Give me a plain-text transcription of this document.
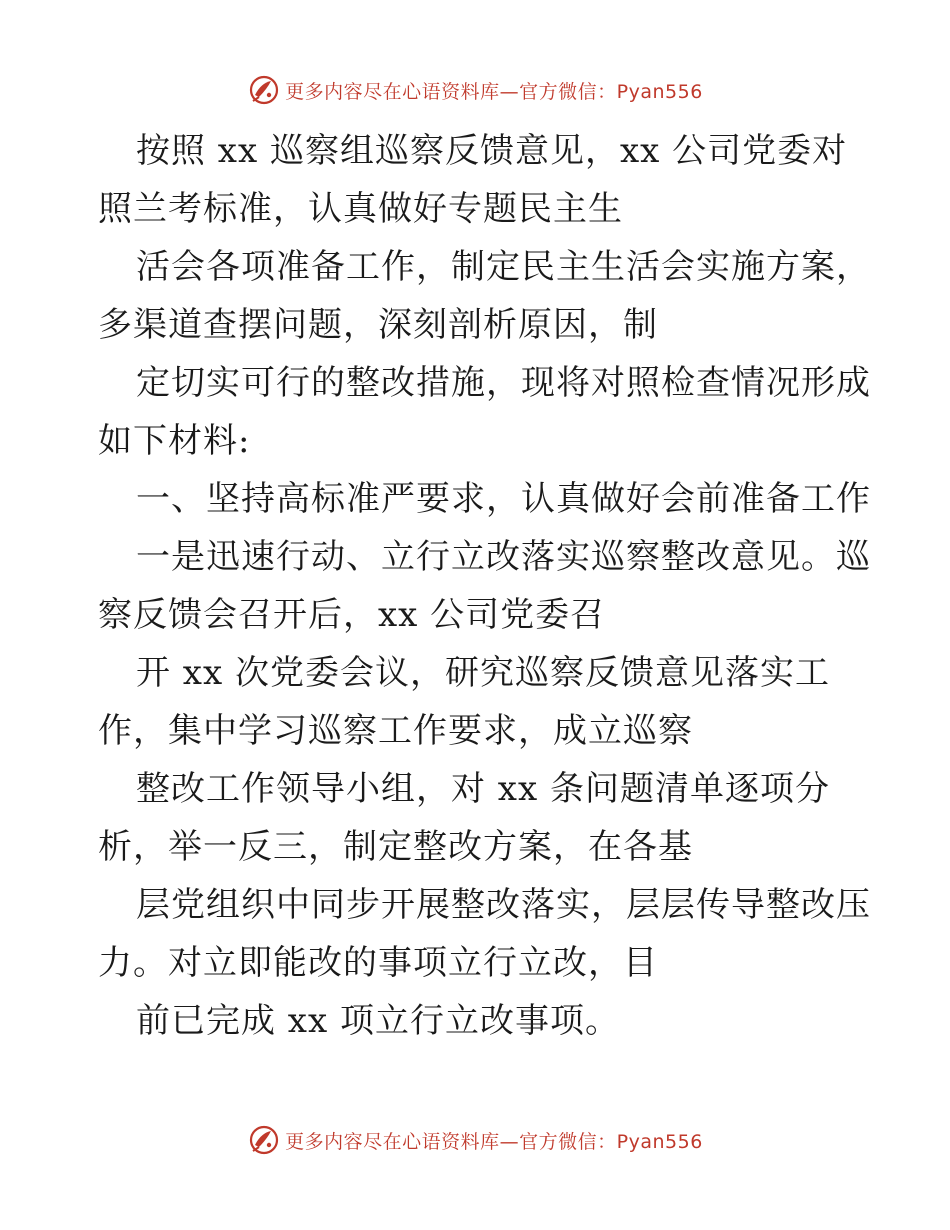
更多内容尽在心语资料库—官方微信：Pyan556
按照 xx 巡察组巡察反馈意见，xx 公司党委对
照兰考标准，认真做好专题民主生
活会各项准备工作，制定民主生活会实施方案，
多渠道查摆问题，深刻剖析原因，制
定切实可行的整改措施，现将对照检查情况形成
如下材料:
一、坚持高标准严要求，认真做好会前准备工作
一是迅速行动、立行立改落实巡察整改意见。巡
察反馈会召开后，xx 公司党委召
开 xx 次党委会议，研究巡察反馈意见落实工
作，集中学习巡察工作要求，成立巡察
整改工作领导小组，对 xx 条问题清单逐项分
析，举一反三，制定整改方案，在各基
层党组织中同步开展整改落实，层层传导整改压
力。对立即能改的事项立行立改，目
前已完成 xx 项立行立改事项。
更多内容尽在心语资料库—官方微信：Pyan556
